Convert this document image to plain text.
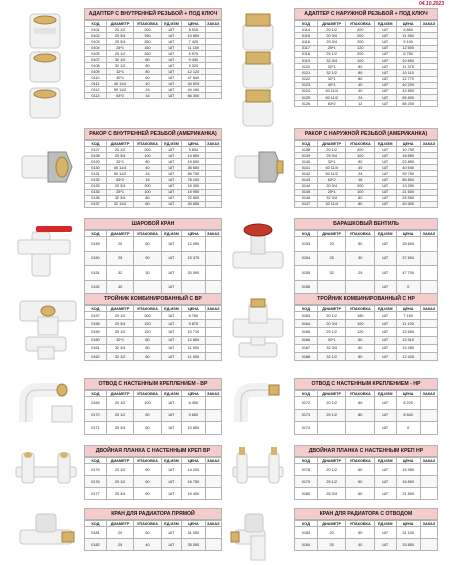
04.10.2023
АДАПТЕР С ВНУТРЕННЕЙ РЕЗЬБОЙ + ПОД КЛЮЧ
КОД	ДИАМЕТР	УПАКОВКА	ЕД.ИЗМ	ЦЕНА	ЗАКАЗ
0101	20 1/2	200	ШТ	8 915	
0102	20 3/4	250	ШТ	10 850	
0103	25 3/4	250	ШТ	7 420	
0104	25*1	150	ШТ	11 150	
0105	25 1/2	250	ШТ	5 975	
0107	32 1/2	80	ШТ	9 430	
0108	32 1/2	80	ШТ	9 320	
0109	32*1	80	ШТ	12 120	
0110	40*1	60	ШТ	47 840	
0111	40 11/4	40	ШТ	34 825	
0112	50 11/2	24	ШТ	44 160	
0113	63*2	16	ШТ	66 300	
АДАПТЕР С НАРУЖНОЙ РЕЗЬБОЙ + ПОД КЛЮЧ
КОД	ДИАМЕТР	УПАКОВКА	ЕД.ИЗМ	ЦЕНА	ЗАКАЗ
0114	20 1/2	200	ШТ	5 850	
0115	20 3/4	200	ШТ	11 350	
0116	25 3/4	200	ШТ	9 100	
0117	25*1	120	ШТ	12 500	
0118	25 1/2	200	ШТ	6 750	
0119	32 3/4	100	ШТ	10 650	
0120	32*1	80	ШТ	11 375	
0121	32 1/2	80	ШТ	10 110	
0122	32*1	80	ШТ	12 770	
0123	40*1	40	ШТ	40 200	
0124	40 11/4	40	ШТ	42 800	
0125	50 11/2	24	ШТ	55 600	
0126	63*2	12	ШТ	88 200	
РАКОР С ВНУТРЕННЕЙ РЕЗЬБОЙ (АМЕРИКАНКА)
КОД	ДИАМЕТР	УПАКОВКА	ЕД.ИЗМ	ЦЕНА	ЗАКАЗ
0127	20 1/2	200	ШТ	9 800	
0128	20 3/4	100	ШТ	14 850	
0129	32*1	80	ШТ	19 600	
0130	40 11/4	40	ШТ	35 600	
0131	50 11/2	24	ШТ	59 750	
0132	63*2	16	ШТ	78 100	
0133	20 3/4	200	ШТ	16 300	
0134	25*1	100	ШТ	19 950	
0136	32 3/4	80	ШТ	22 800	
0137	32 11/4	80	ШТ	30 650	
РАКОР С НАРУЖНОЙ РЕЗЬБОЙ (АМЕРИКАНКА)
КОД	ДИАМЕТР	УПАКОВКА	ЕД.ИЗМ	ЦЕНА	ЗАКАЗ
0138	20 1/2	200	ШТ	10 750	
0139	25 3/4	100	ШТ	18 850	
0140	32*1	80	ШТ	22 850	
0141	40 11/4	40	ШТ	40 540	
0142	50 11/2	24	ШТ	59 750	
0143	63*2	16	ШТ	85 800	
0144	20 3/4	200	ШТ	13 250	
0145	25*1	100	ШТ	21 600	
0146	32 3/4	80	ШТ	25 550	
0147	32 11/4	80	ШТ	40 300	
ШАРОВОЙ КРАН
КОД	ДИАМЕТР	УПАКОВКА	ЕД.ИЗМ	ЦЕНА	ЗАКАЗ
0149	20	60	ШТ	12 950	
0150	25	50	ШТ	15 375	
0151	32	30	ШТ	20 900	
0152	40		ШТ		
БАРАШКОВЫЙ ВЕНТИЛЬ
КОД	ДИАМЕТР	УПАКОВКА	ЕД.ИЗМ	ЦЕНА	ЗАКАЗ
0153	20	50	ШТ	28 600	
0154	25	30	ШТ	37 600	
0155	32	25	ШТ	47 700	
0156			ШТ	0	
ТРОЙНИК КОМБИНИРОВАННЫЙ С ВР
КОД	ДИАМЕТР	УПАКОВКА	ЕД.ИЗМ	ЦЕНА	ЗАКАЗ
0157	20 1/2	200	ШТ	6 760	
0158	20 3/4	120	ШТ	9 875	
0159	25 1/2	120	ШТ	10 710	
0160	32*1	80	ШТ	12 850	
0161	32 3/4	80	ШТ	11 900	
0162	32 1/2	80	ШТ	11 930	
ТРОЙНИК КОМБИНИРОВАННЫЙ С НР
КОД	ДИАМЕТР	УПАКОВКА	ЕД.ИЗМ	ЦЕНА	ЗАКАЗ
0163	20 1/2	180	ШТ	7 150	
0164	20 3/4	100	ШТ	11 100	
0165	25 1/2	120	ШТ	13 650	
0166	32*1	60	ШТ	13 910	
0167	32 3/4	80	ШТ	13 450	
0168	32 1/2	80	ШТ	12 425	
ОТВОД С НАСТЕННЫМ КРЕПЛЕНИЕМ - ВР
КОД	ДИАМЕТР	УПАКОВКА	ЕД.ИЗМ	ЦЕНА	ЗАКАЗ
0169	20 1/2	100	ШТ	6 450	
0170	25 1/2	80	ШТ	9 650	
0171	25 3/4	60	ШТ	10 850	
ОТВОД С НАСТЕННЫМ КРЕПЛЕНИЕМ - НР
КОД	ДИАМЕТР	УПАКОВКА	ЕД.ИЗМ	ЦЕНА	ЗАКАЗ
0172	20 1/2	80	ШТ	8 220	
0173	25 1/2	80	ШТ	8 840	
0174			ШТ	0	
ДВОЙНАЯ ПЛАНКА С НАСТЕННЫМ КРЕП ВР
КОД	ДИАМЕТР	УПАКОВКА	ЕД.ИЗМ	ЦЕНА	ЗАКАЗ
0175	20 1/2	60	ШТ	14 200	
0176	25 1/2	60	ШТ	16 750	
0177	25 3/4	60	ШТ	19 400	
ДВОЙНАЯ ПЛАНКА С НАСТЕННЫМ КРЕП НР
КОД	ДИАМЕТР	УПАКОВКА	ЕД.ИЗМ	ЦЕНА	ЗАКАЗ
0178	20 1/2	60	ШТ	15 950	
0179	25 1/2	60	ШТ	16 800	
0180	25 3/4	60	ШТ	21 800	
КРАН ДЛЯ РАДИАТОРА ПРЯМОЙ
КОД	ДИАМЕТР	УПАКОВКА	ЕД.ИЗМ	ЦЕНА	ЗАКАЗ
0181	20	50	ШТ	31 050	
0182	25	40	ШТ	35 550	
КРАН ДЛЯ РАДИАТОРА С ОТВОДОМ
КОД	ДИАМЕТР	УПАКОВКА	ЕД.ИЗМ	ЦЕНА	ЗАКАЗ
0183	20	50	ШТ	31 100	
0184	25	40	ШТ	33 850	
